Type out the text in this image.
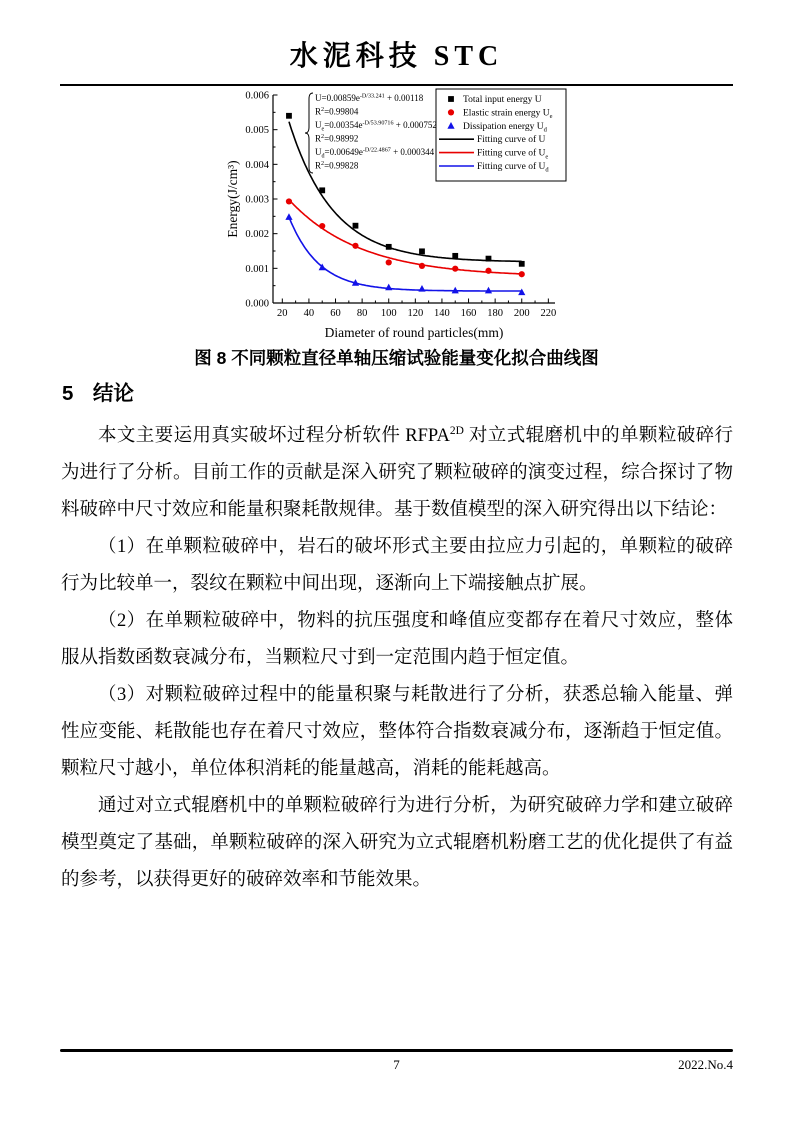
水泥科技 STC
20 40 60 80 100 120 140 160 180 200 220
0.000
0.001
0.002
0.003
0.004
0.005
0.006
Diameter of round particles(mm)
Energy(J/cm³)
Total input energy U
Elastic strain energy $U_e$
Dissipation energy $U_d$
Fitting curve of U
Fitting curve of $U_e$
Fitting curve of $U_d$
$U=0.00859e^{-D/33.241} + 0.00118$
$R^2=0.99804$
$U_e=0.00354e^{-D/53.90716} + 0.000752$
$R^2=0.98992$
$U_d=0.00649e^{-D/22.4867} + 0.000344$
$R^2=0.99828$
图 8 不同颗粒直径单轴压缩试验能量变化拟合曲线图
5 结论

本文主要运用真实破坏过程分析软件 $RFPA^{2D}$ 对立式辊磨机中的单颗粒破碎行为进行了分析。目前工作的贡献是深入研究了颗粒破碎的演变过程，综合探讨了物料破碎中尺寸效应和能量积聚耗散规律。基于数值模型的深入研究得出以下结论：

（1）在单颗粒破碎中，岩石的破坏形式主要由拉应力引起的，单颗粒的破碎行为比较单一，裂纹在颗粒中间出现，逐渐向上下端接触点扩展。

（2）在单颗粒破碎中，物料的抗压强度和峰值应变都存在着尺寸效应，整体服从指数函数衰减分布，当颗粒尺寸到一定范围内趋于恒定值。

（3）对颗粒破碎过程中的能量积聚与耗散进行了分析，获悉总输入能量、弹性应变能、耗散能也存在着尺寸效应，整体符合指数衰减分布，逐渐趋于恒定值。颗粒尺寸越小，单位体积消耗的能量越高，消耗的能耗越高。

通过对立式辊磨机中的单颗粒破碎行为进行分析，为研究破碎力学和建立破碎模型奠定了基础，单颗粒破碎的深入研究为立式辊磨机粉磨工艺的优化提供了有益的参考，以获得更好的破碎效率和节能效果。

7	2022.No.4
